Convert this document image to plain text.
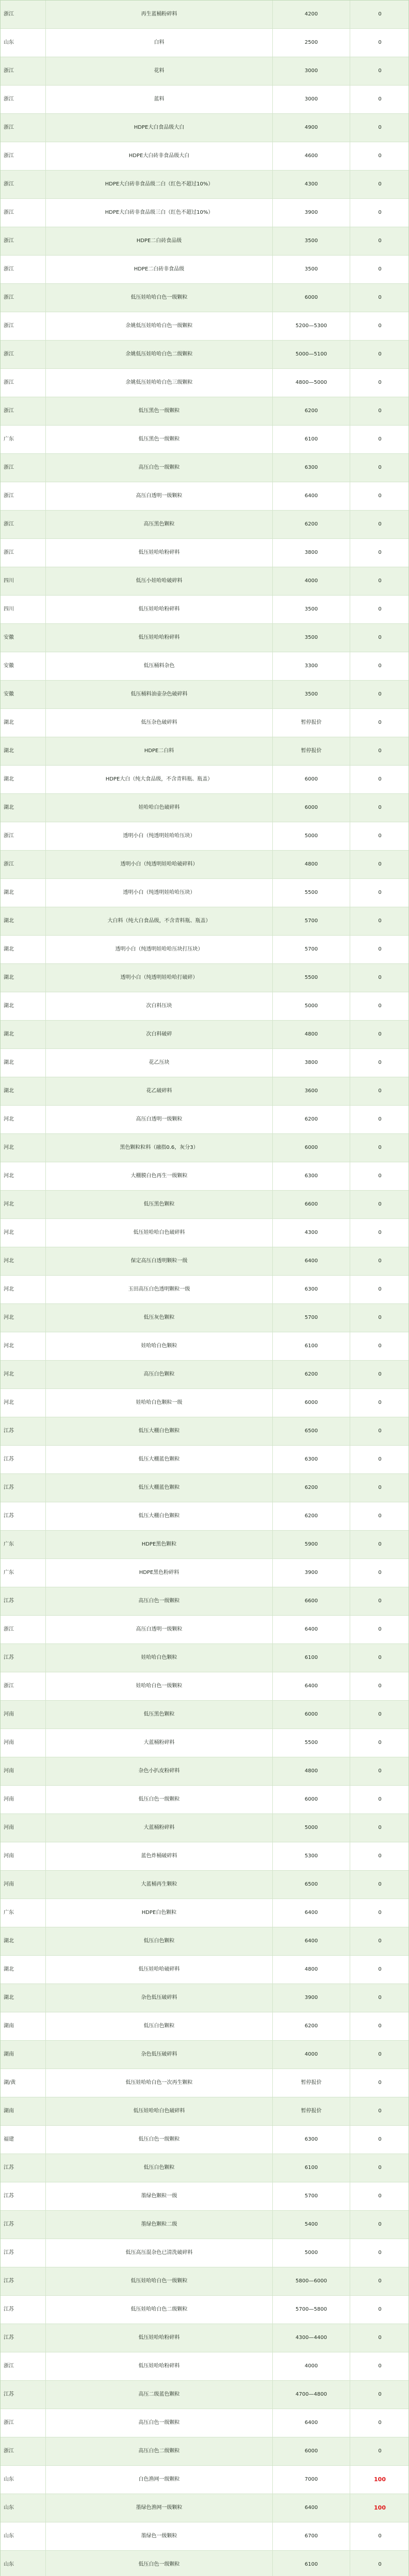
浙江	再生蓝桶粉碎料	4200	0
山东	白料	2500	0
浙江	花料	3000	0
浙江	蓝料	3000	0
浙江	HDPE大白食品级大白	4900	0
浙江	HDPE大白砖非食品级大白	4600	0
浙江	HDPE大白砖非食品级二白（红色不超过10%）	4300	0
浙江	HDPE大白砖非食品级三白（红色不超过10%）	3900	0
浙江	HDPE二白砖食品级	3500	0
浙江	HDPE二白砖非食品级	3500	0
浙江	低压娃哈哈白色一级颗粒	6000	0
浙江	余姚低压娃哈哈白色一级颗粒	5200—5300	0
浙江	余姚低压娃哈哈白色二级颗粒	5000—5100	0
浙江	余姚低压娃哈哈白色三级颗粒	4800—5000	0
浙江	低压黑色一级颗粒	6200	0
广东	低压黑色一级颗粒	6100	0
浙江	高压白色一级颗粒	6300	0
浙江	高压白透明一级颗粒	6400	0
浙江	高压黑色颗粒	6200	0
浙江	低压娃哈哈粉碎料	3800	0
四川	低压小娃哈哈破碎料	4000	0
四川	低压娃哈哈粉碎料	3500	0
安徽	低压娃哈哈粉碎料	3500	0
安徽	低压桶料杂色	3300	0
安徽	低压桶料油壶杂色破碎料	3500	0
湖北	低压杂色破碎料	暂停报价	0
湖北	HDPE二白料	暂停报价	0
湖北	HDPE大白（纯大食品级，不含青料瓶、瓶盖）	6000	0
湖北	娃哈哈白色破碎料	6000	0
浙江	透明小白（纯透明娃哈哈压块）	5000	0
浙江	透明小白（纯透明娃哈哈破碎料）	4800	0
湖北	透明小白（纯透明娃哈哈压块）	5500	0
湖北	大白料（纯大白食品级，不含青料瓶、瓶盖）	5700	0
湖北	透明小白（纯透明娃哈哈压块打压块）	5700	0
湖北	透明小白（纯透明娃哈哈打破碎）	5500	0
湖北	次白料压块	5000	0
湖北	次白料破碎	4800	0
湖北	花乙压块	3800	0
湖北	花乙破碎料	3600	0
河北	高压白透明一级颗粒	6200	0
河北	黑色颗粒粒料（融指0.6，灰分3）	6000	0
河北	大棚膜白色再生一级颗粒	6300	0
河北	低压黑色颗粒	6600	0
河北	低压娃哈哈白色破碎料	4300	0
河北	保定高压白透明颗粒一级	6400	0
河北	玉田高压白色透明颗粒一级	6300	0
河北	低压灰色颗粒	5700	0
河北	娃哈哈白色颗粒	6100	0
河北	高压白色颗粒	6200	0
河北	娃哈哈白色颗粒一级	6000	0
江苏	低压大棚白色颗粒	6500	0
江苏	低压大棚蓝色颗粒	6300	0
江苏	低压大棚蓝色颗粒	6200	0
江苏	低压大棚白色颗粒	6200	0
广东	HDPE黑色颗粒	5900	0
广东	HDPE黑色粉碎料	3900	0
江苏	高压白色一级颗粒	6600	0
浙江	高压白透明一级颗粒	6400	0
江苏	娃哈哈白色颗粒	6100	0
浙江	娃哈哈白色一级颗粒	6400	0
河南	低压黑色颗粒	6000	0
河南	大蓝桶粉碎料	5500	0
河南	杂色小扒皮粉碎料	4800	0
河南	低压白色一级颗粒	6000	0
河南	大蓝桶粉碎料	5000	0
河南	蓝色炸桶破碎料	5300	0
河南	大蓝桶再生颗粒	6500	0
广东	HDPE白色颗粒	6400	0
湖北	低压白色颗粒	6400	0
湖北	低压娃哈哈破碎料	4800	0
湖北	杂色低压破碎料	3900	0
湖南	低压白色颗粒	6200	0
湖南	杂色低压破碎料	4000	0
湖/黄	低压娃哈哈白色一次再生颗粒	暂停报价	0
湖南	低压娃哈哈白色破碎料	暂停报价	0
福建	低压白色一级颗粒	6300	0
江苏	低压白色颗粒	6100	0
江苏	墨绿色颗粒一级	5700	0
江苏	墨绿色颗粒二级	5400	0
江苏	低压高压混杂色已清洗破碎料	5000	0
江苏	低压娃哈哈白色一级颗粒	5800—6000	0
江苏	低压娃哈哈白色二级颗粒	5700—5800	0
江苏	低压娃哈哈粉碎料	4300—4400	0
浙江	低压娃哈哈粉碎料	4000	0
江苏	高压二级蓝色颗粒	4700—4800	0
浙江	高压白色一级颗粒	6400	0
浙江	高压白色二级颗粒	6000	0
山东	白色渔网一级颗粒	7000	100
山东	墨绿色渔网一级颗粒	6400	100
山东	墨绿色一级颗粒	6700	0
山东	低压白色一级颗粒	6100	0
